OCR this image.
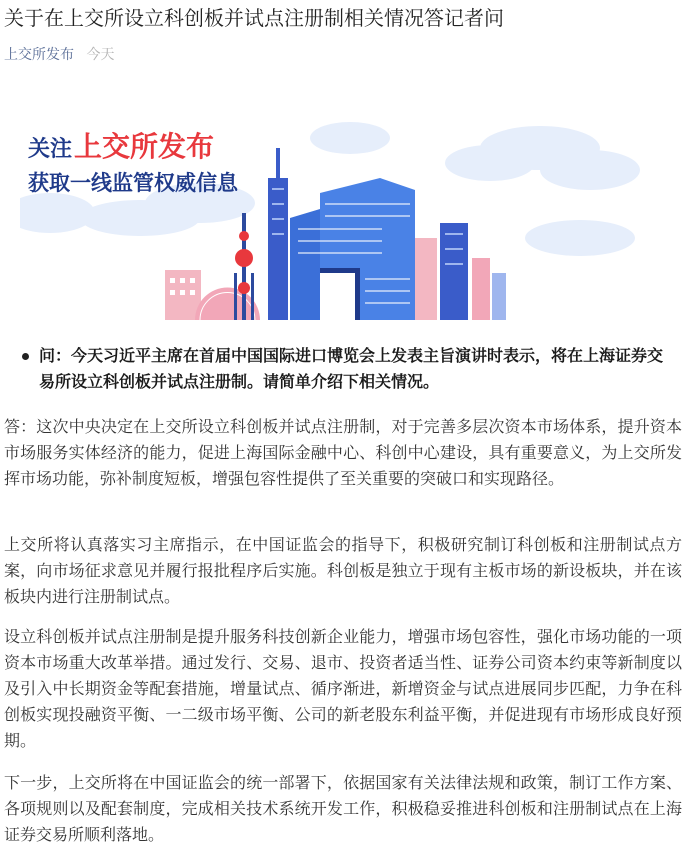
关于在上交所设立科创板并试点注册制相关情况答记者问
上交所发布 今天
关注 上交所发布
获取一线监管权威信息
问：今天习近平主席在首届中国国际进口博览会上发表主旨演讲时表示，将在上海证券交易所设立科创板并试点注册制。请简单介绍下相关情况。
答：这次中央决定在上交所设立科创板并试点注册制，对于完善多层次资本市场体系，提升资本市场服务实体经济的能力，促进上海国际金融中心、科创中心建设，具有重要意义，为上交所发挥市场功能，弥补制度短板，增强包容性提供了至关重要的突破口和实现路径。
上交所将认真落实习主席指示，在中国证监会的指导下，积极研究制订科创板和注册制试点方案，向市场征求意见并履行报批程序后实施。科创板是独立于现有主板市场的新设板块，并在该板块内进行注册制试点。
设立科创板并试点注册制是提升服务科技创新企业能力，增强市场包容性，强化市场功能的一项资本市场重大改革举措。通过发行、交易、退市、投资者适当性、证券公司资本约束等新制度以及引入中长期资金等配套措施，增量试点、循序渐进，新增资金与试点进展同步匹配，力争在科创板实现投融资平衡、一二级市场平衡、公司的新老股东利益平衡，并促进现有市场形成良好预期。
下一步，上交所将在中国证监会的统一部署下，依据国家有关法律法规和政策，制订工作方案、各项规则以及配套制度，完成相关技术系统开发工作，积极稳妥推进科创板和注册制试点在上海证券交易所顺利落地。
